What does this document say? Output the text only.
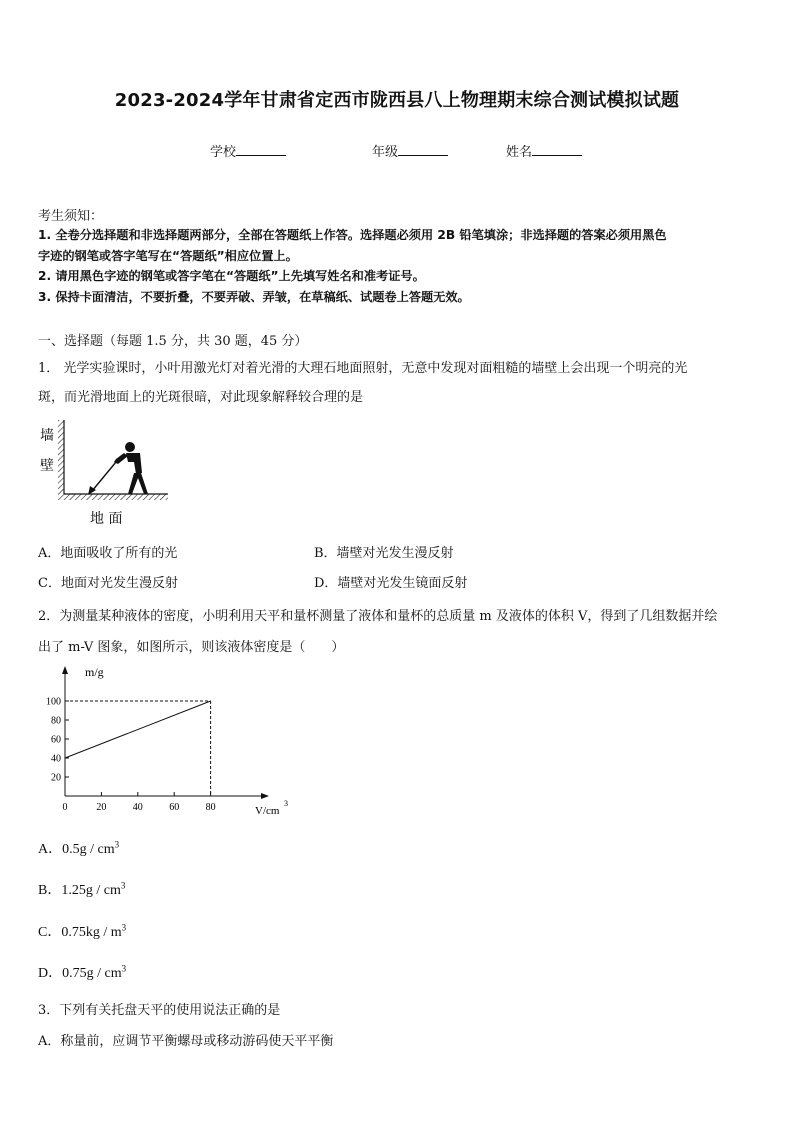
2023-2024学年甘肃省定西市陇西县八上物理期末综合测试模拟试题
学校	年级	姓名
考生须知：
1. 全卷分选择题和非选择题两部分，全部在答题纸上作答。选择题必须用 2B 铅笔填涂；非选择题的答案必须用黑色
字迹的钢笔或答字笔写在“答题纸”相应位置上。
2. 请用黑色字迹的钢笔或答字笔在“答题纸”上先填写姓名和准考证号。
3. 保持卡面清洁，不要折叠，不要弄破、弄皱，在草稿纸、试题卷上答题无效。
一、选择题（每题 1.5 分，共 30 题，45 分）
1． 光学实验课时，小叶用激光灯对着光滑的大理石地面照射，无意中发现对面粗糙的墙壁上会出现一个明亮的光
斑，而光滑地面上的光斑很暗，对此现象解释较合理的是
墙
壁
地 面
A．地面吸收了所有的光	B．墙壁对光发生漫反射
C．地面对光发生漫反射	D．墙壁对光发生镜面反射
2．为测量某种液体的密度，小明利用天平和量杯测量了液体和量杯的总质量 m 及液体的体积 V，得到了几组数据并绘
出了 m-V 图象，如图所示，则该液体密度是（　　）
0	20	40	60	80
100
80
60
40
20
m/g
V/cm
3
A．$0.5g / cm^3$
B．$1.25g / cm^3$
C．$0.75kg / m^3$
D．$0.75g / cm^3$
3．下列有关托盘天平的使用说法正确的是
A．称量前，应调节平衡螺母或移动游码使天平平衡
